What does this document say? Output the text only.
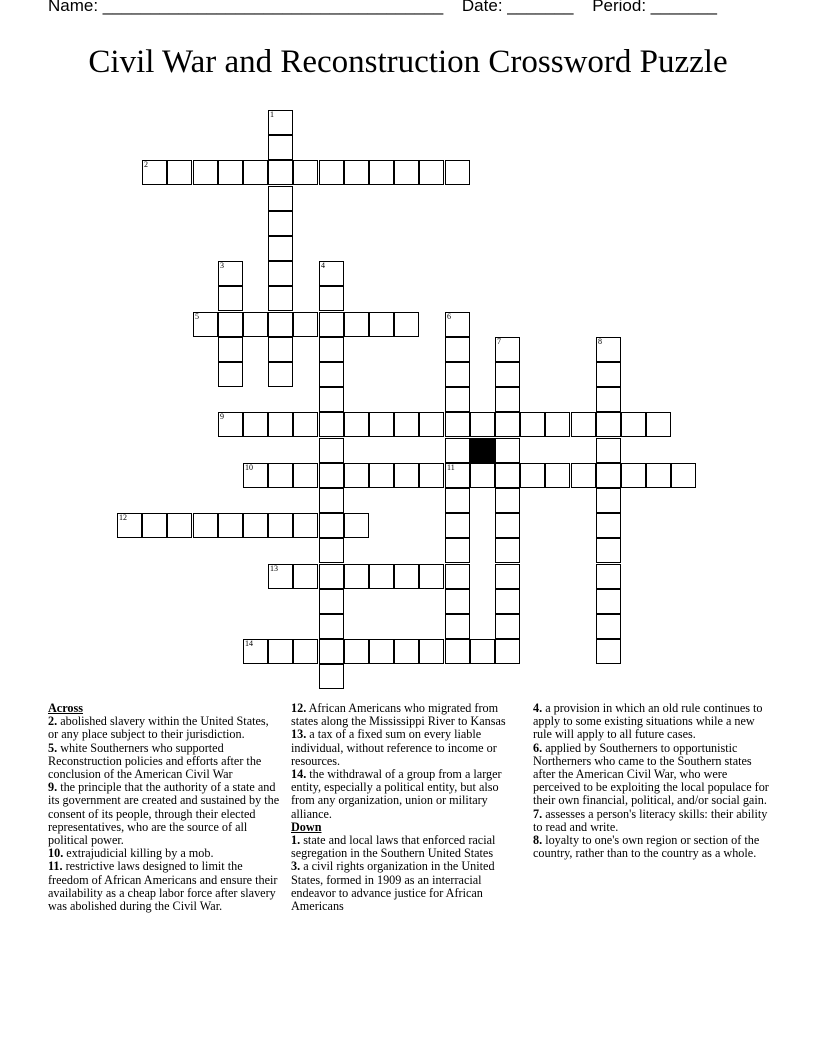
Name: ____________________________________ Date: _______ Period: _______
Civil War and Reconstruction Crossword Puzzle
1
2
3	4
5	6
11
7	8
9
10
12
13
14
Across
2. abolished slavery within the United States, or any place subject to their jurisdiction.
5. white Southerners who supported Reconstruction policies and efforts after the conclusion of the American Civil War
9. the principle that the authority of a state and its government are created and sustained by the consent of its people, through their elected representatives, who are the source of all political power.
10. extrajudicial killing by a mob.
11. restrictive laws designed to limit the freedom of African Americans and ensure their availability as a cheap labor force after slavery was abolished during the Civil War.
12. African Americans who migrated from states along the Mississippi River to Kansas
13. a tax of a fixed sum on every liable individual, without reference to income or resources.
14. the withdrawal of a group from a larger entity, especially a political entity, but also from any organization, union or military alliance.
Down
1. state and local laws that enforced racial segregation in the Southern United States
3. a civil rights organization in the United States, formed in 1909 as an interracial endeavor to advance justice for African Americans
4. a provision in which an old rule continues to apply to some existing situations while a new rule will apply to all future cases.
6. applied by Southerners to opportunistic Northerners who came to the Southern states after the American Civil War, who were perceived to be exploiting the local populace for their own financial, political, and/or social gain.
7. assesses a person's literacy skills: their ability to read and write.
8. loyalty to one's own region or section of the country, rather than to the country as a whole.
